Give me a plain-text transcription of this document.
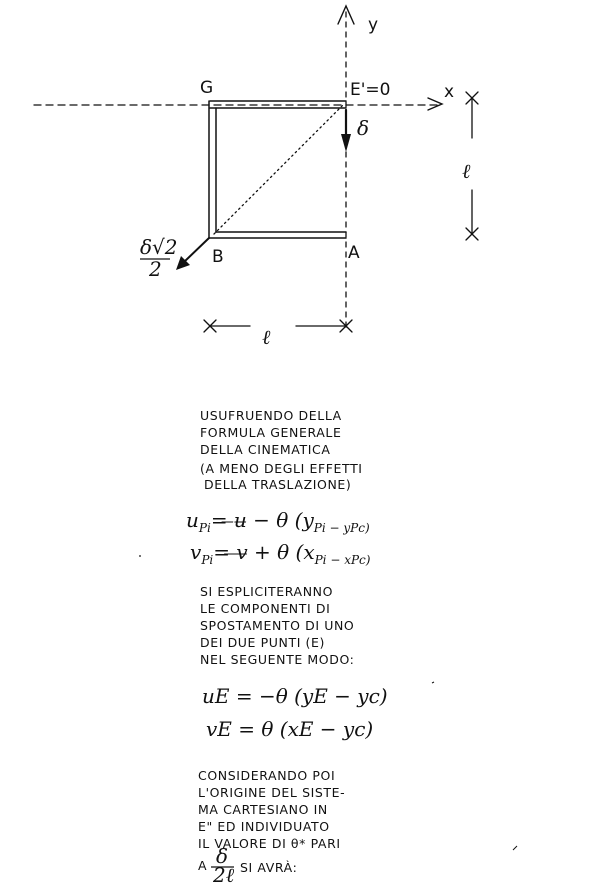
y
x
G	E'=0
B	A
δ
ℓ
ℓ
δ√2
2
USUFRUENDO DELLA
FORMULA GENERALE
DELLA CINEMATICA
(A MENO DEGLI EFFETTI
DELLA TRASLAZIONE)
$u_{Pi}=$ ̶u̶ − θ ($y_{Pi - yPc)}$
$v_{Pi}=$ ̶v̶ + θ ($x_{Pi - xPc)}$
SI ESPLICITERANNO
LE COMPONENTI DI
SPOSTAMENTO DI UNO
DEI DUE PUNTI (E)
NEL SEGUENTE MODO:
uE = −θ (yE − yc)
vE = θ (xE − yc)
CONSIDERANDO POI
L'ORIGINE DEL SISTE-
MA CARTESIANO IN
E" ED INDIVIDUATO
IL VALORE DI θ* PARI
A δ
2ℓ SI AVRÀ:
